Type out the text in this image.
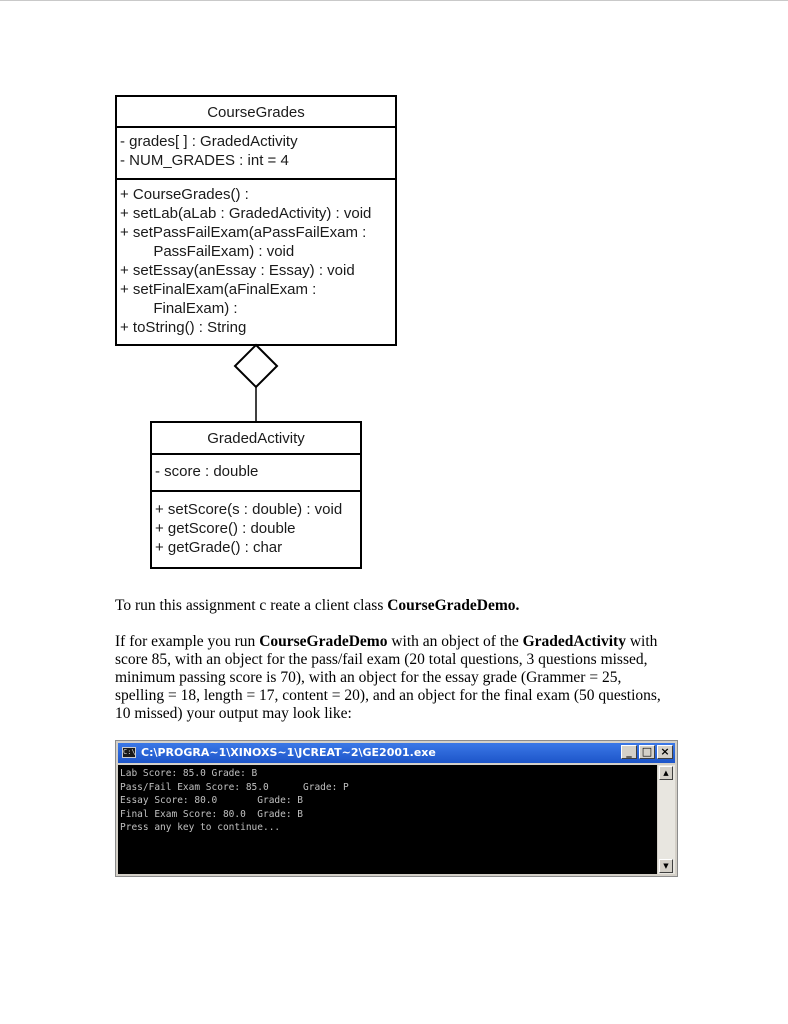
CourseGrades
- grades[ ] : GradedActivity
- NUM_GRADES : int = 4
+ CourseGrades() :
+ setLab(aLab : GradedActivity) : void
+ setPassFailExam(aPassFailExam :
PassFailExam) : void
+ setEssay(anEssay : Essay) : void
+ setFinalExam(aFinalExam :
FinalExam) :
+ toString() : String
GradedActivity
- score : double
+ setScore(s : double) : void
+ getScore() : double
+ getGrade() : char
To run this assignment c reate a client class CourseGradeDemo.
If for example you run CourseGradeDemo with an object of the GradedActivity with score 85, with an object for the pass/fail exam (20 total questions, 3 questions missed, minimum passing score is 70), with an object for the essay grade (Grammer = 25, spelling = 18, length = 17, content = 20), and an object for the final exam (50 questions, 10 missed) your output may look like:
C:\ C:\PROGRA~1\XINOXS~1\JCREAT~2\GE2001.exe	_ □ ×
Lab Score: 85.0 Grade: B
Pass/Fail Exam Score: 85.0      Grade: P
Essay Score: 80.0       Grade: B
Final Exam Score: 80.0  Grade: B
Press any key to continue...
▲
▼
